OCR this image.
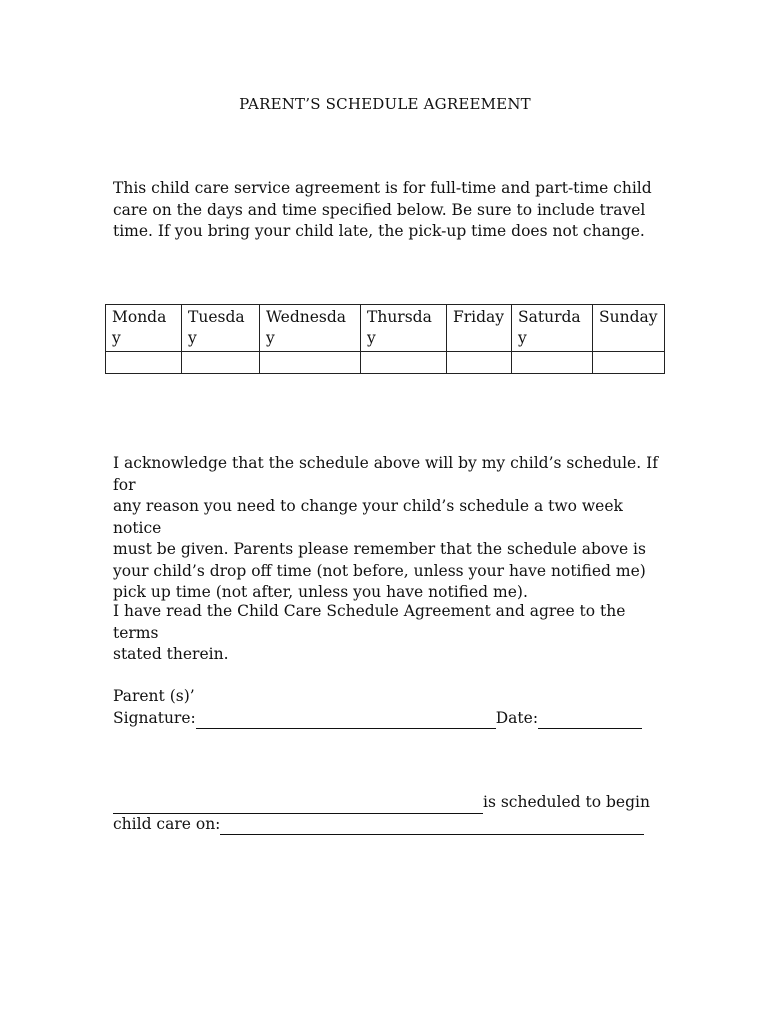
PARENT’S SCHEDULE AGREEMENT
This child care service agreement is for full-time and part-time child
care on the days and time specified below. Be sure to include travel
time. If you bring your child late, the pick-up time does not change.
Monday	Tuesday	Wednesday	Thursday	Friday	Saturday	Sunday

I acknowledge that the schedule above will by my child’s schedule. If for
any reason you need to change your child’s schedule a two week notice
must be given. Parents please remember that the schedule above is
your child’s drop off time (not before, unless your have notified me)
pick up time (not after, unless you have notified me).
I have read the Child Care Schedule Agreement and agree to the terms
stated therein.
Parent (s)’
Signature:	Date:
is scheduled to begin
child care on:
